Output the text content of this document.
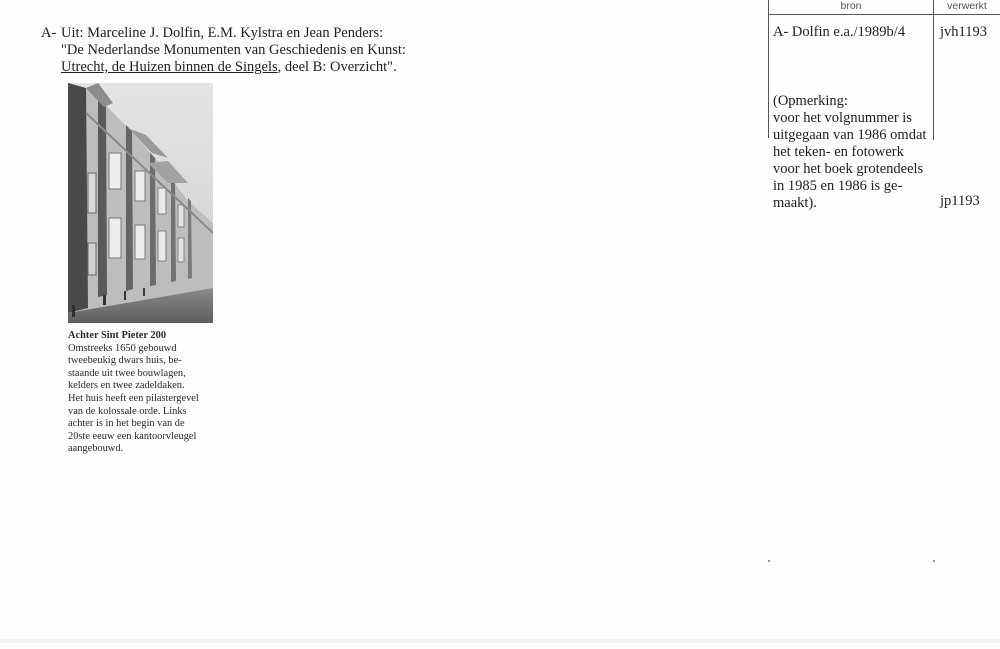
A- Uit: Marceline J. Dolfin, E.M. Kylstra en Jean Penders:
"De Nederlandse Monumenten van Geschiedenis en Kunst:
Utrecht, de Huizen binnen de Singels, deel B: Overzicht".
Achter Sint Pieter 200
Omstreeks 1650 gebouwd
tweebeukig dwars huis, be-
staande uit twee bouwlagen,
kelders en twee zadeldaken.
Het huis heeft een pilastergevel
van de kolossale orde. Links
achter is in het begin van de
20ste eeuw een kantoorvleugel
aangebouwd.
bron	verwerkt
A- Dolfin e.a./1989b/4 jvh1193
(Opmerking:
voor het volgnummer is
uitgegaan van 1986 omdat
het teken- en fotowerk
voor het boek grotendeels
in 1985 en 1986 is ge-
maakt).	jp1193
